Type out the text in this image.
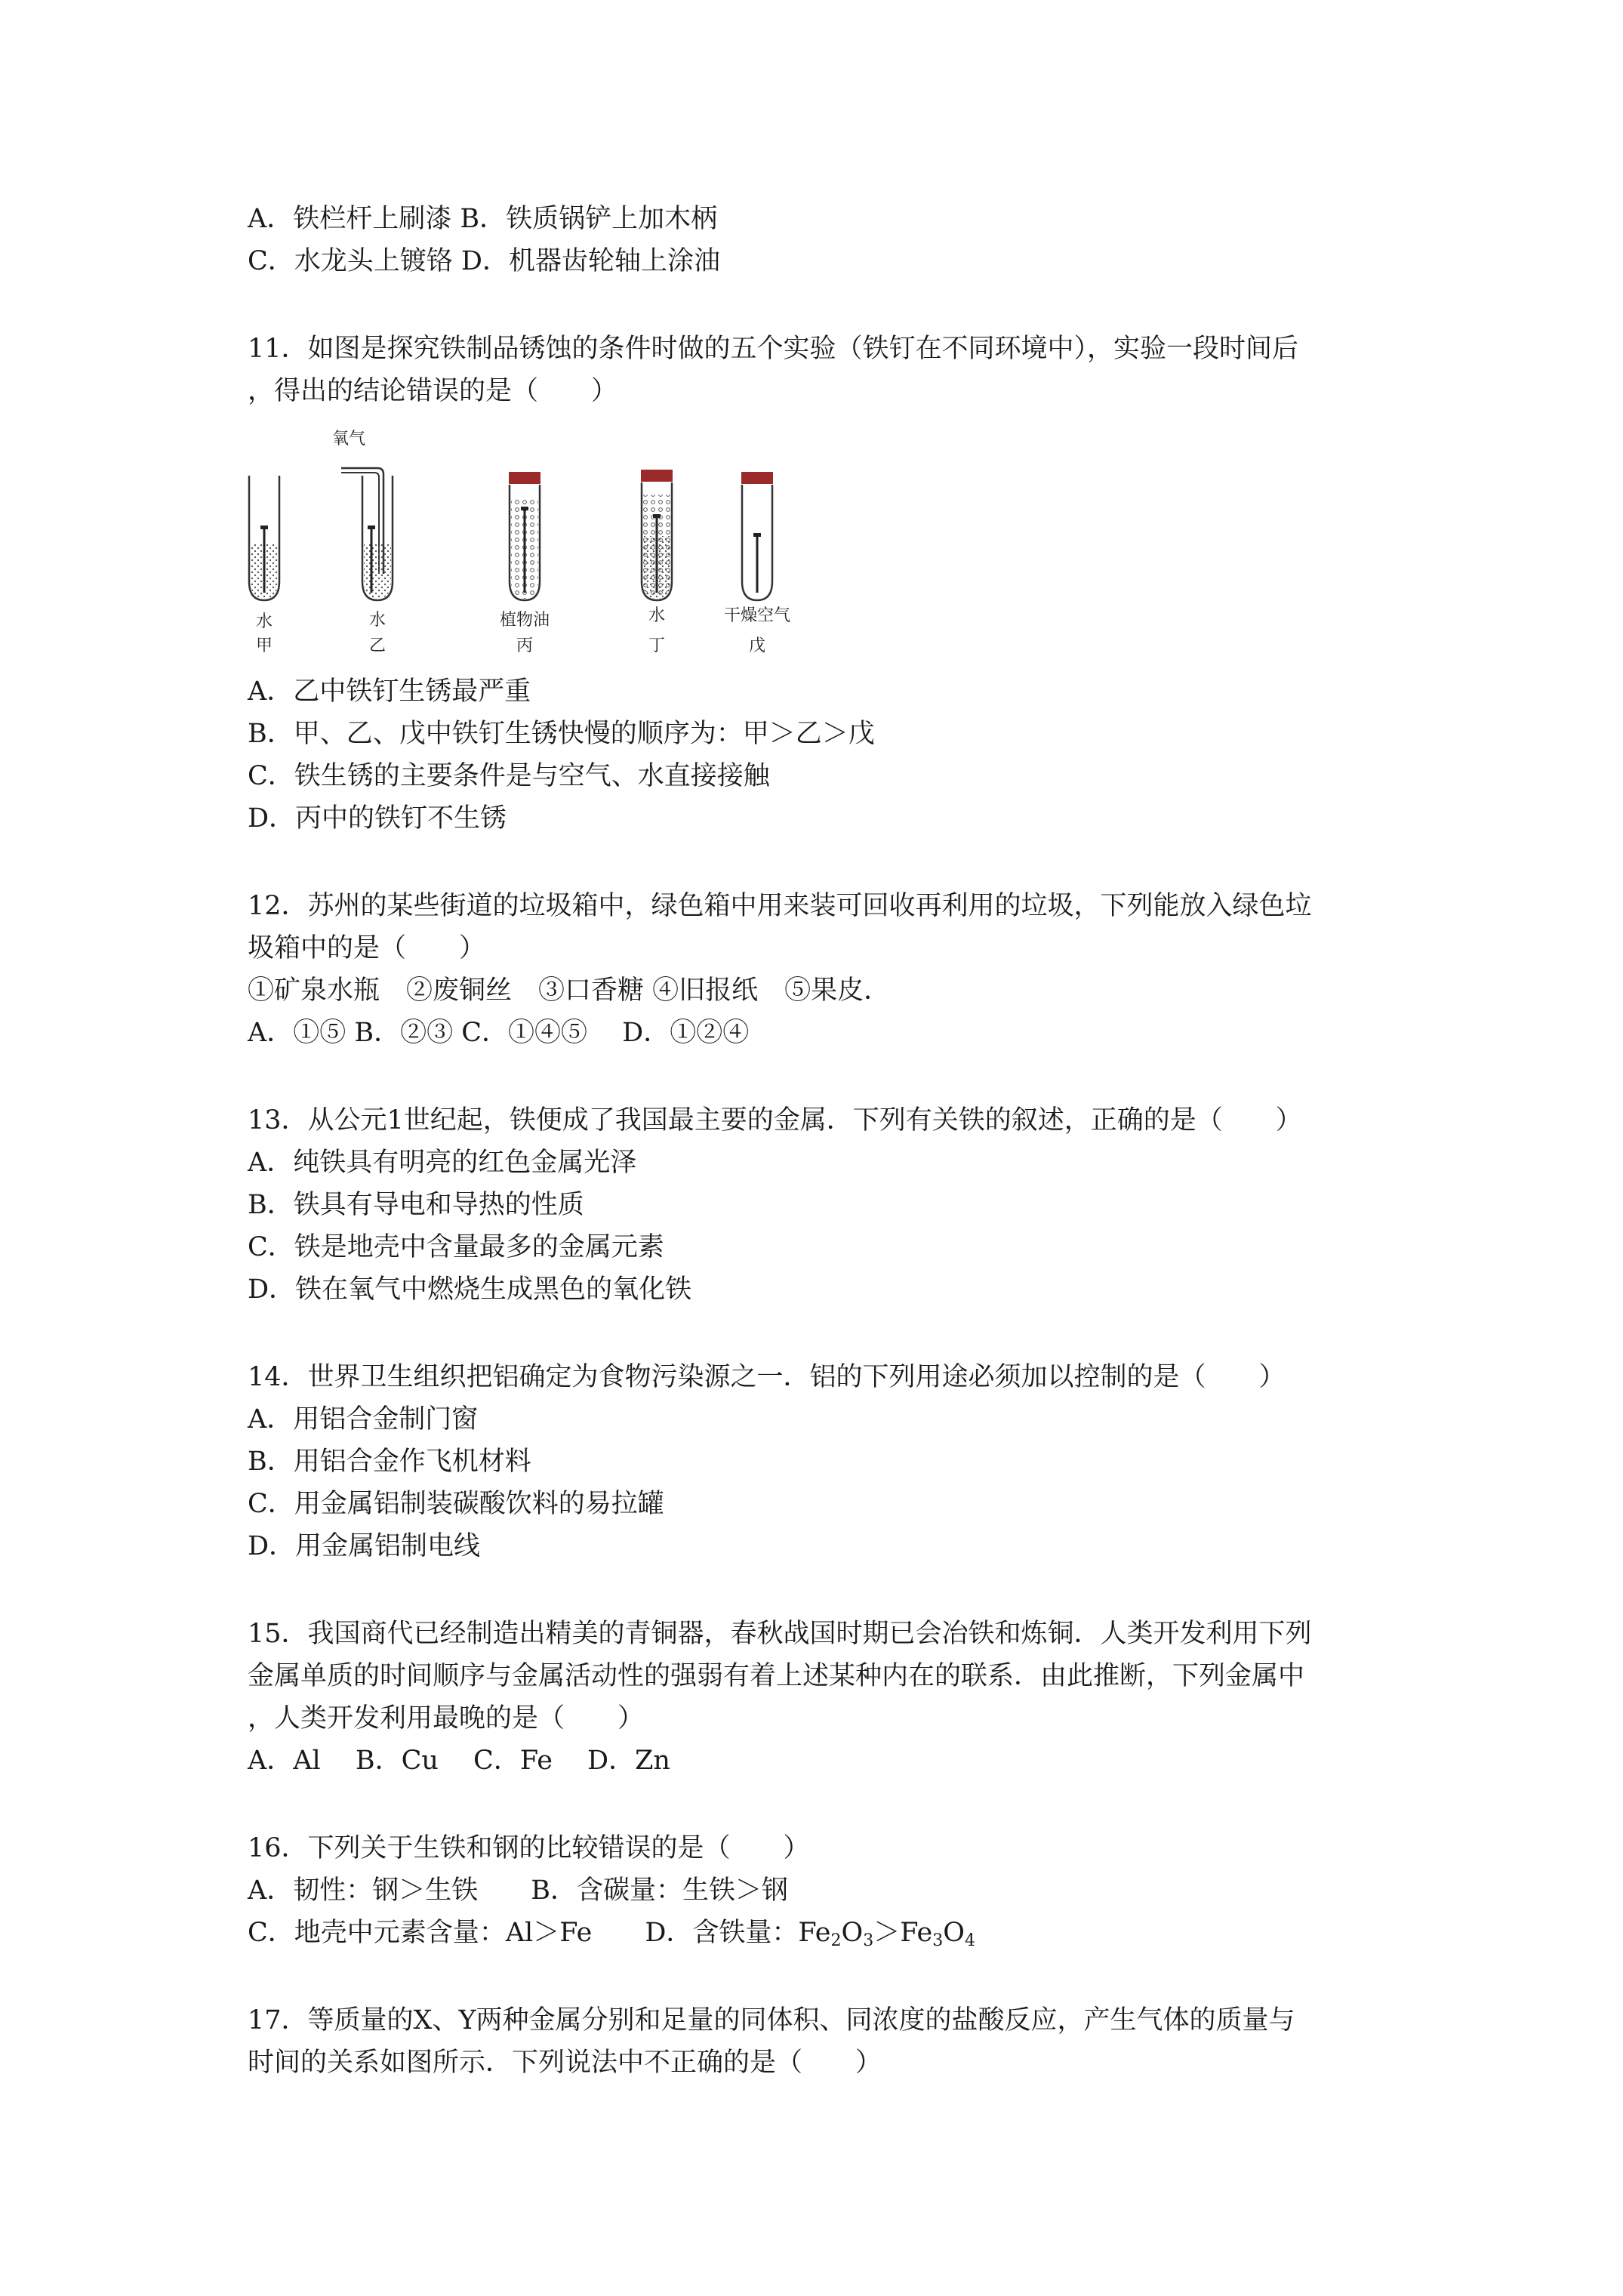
A．铁栏杆上刷漆 B．铁质锅铲上加木柄
C．水龙头上镀铬 D．机器齿轮轴上涂油
11．如图是探究铁制品锈蚀的条件时做的五个实验（铁钉在不同环境中），实验一段时间后
，得出的结论错误的是（　　）
水
甲
氧气
水
乙
植物油
丙
水
丁
干燥空气
戊
A．乙中铁钉生锈最严重
B．甲、乙、戊中铁钉生锈快慢的顺序为：甲＞乙＞戊
C．铁生锈的主要条件是与空气、水直接接触
D．丙中的铁钉不生锈
12．苏州的某些街道的垃圾箱中，绿色箱中用来装可回收再利用的垃圾，下列能放入绿色垃
圾箱中的是（　　）
①矿泉水瓶　②废铜丝　③口香糖 ④旧报纸　⑤果皮．
A．①⑤ B．②③ C．①④⑤　 D．①②④
13．从公元1世纪起，铁便成了我国最主要的金属．下列有关铁的叙述，正确的是（　　）
A．纯铁具有明亮的红色金属光泽
B．铁具有导电和导热的性质
C．铁是地壳中含量最多的金属元素
D．铁在氧气中燃烧生成黑色的氧化铁
14．世界卫生组织把铝确定为食物污染源之一．铝的下列用途必须加以控制的是（　　）
A．用铝合金制门窗
B．用铝合金作飞机材料
C．用金属铝制装碳酸饮料的易拉罐
D．用金属铝制电线
15．我国商代已经制造出精美的青铜器，春秋战国时期已会冶铁和炼铜．人类开发利用下列
金属单质的时间顺序与金属活动性的强弱有着上述某种内在的联系．由此推断，下列金属中
，人类开发利用最晚的是（　　）
A．Al　 B．Cu　 C．Fe　 D．Zn
16．下列关于生铁和钢的比较错误的是（　　）
A．韧性：钢＞生铁　　B．含碳量：生铁＞钢
C．地壳中元素含量：Al＞Fe　　D．含铁量：$Fe_2O_3>Fe_3O_4$
17．等质量的X、Y两种金属分别和足量的同体积、同浓度的盐酸反应，产生气体的质量与
时间的关系如图所示．下列说法中不正确的是（　　）
